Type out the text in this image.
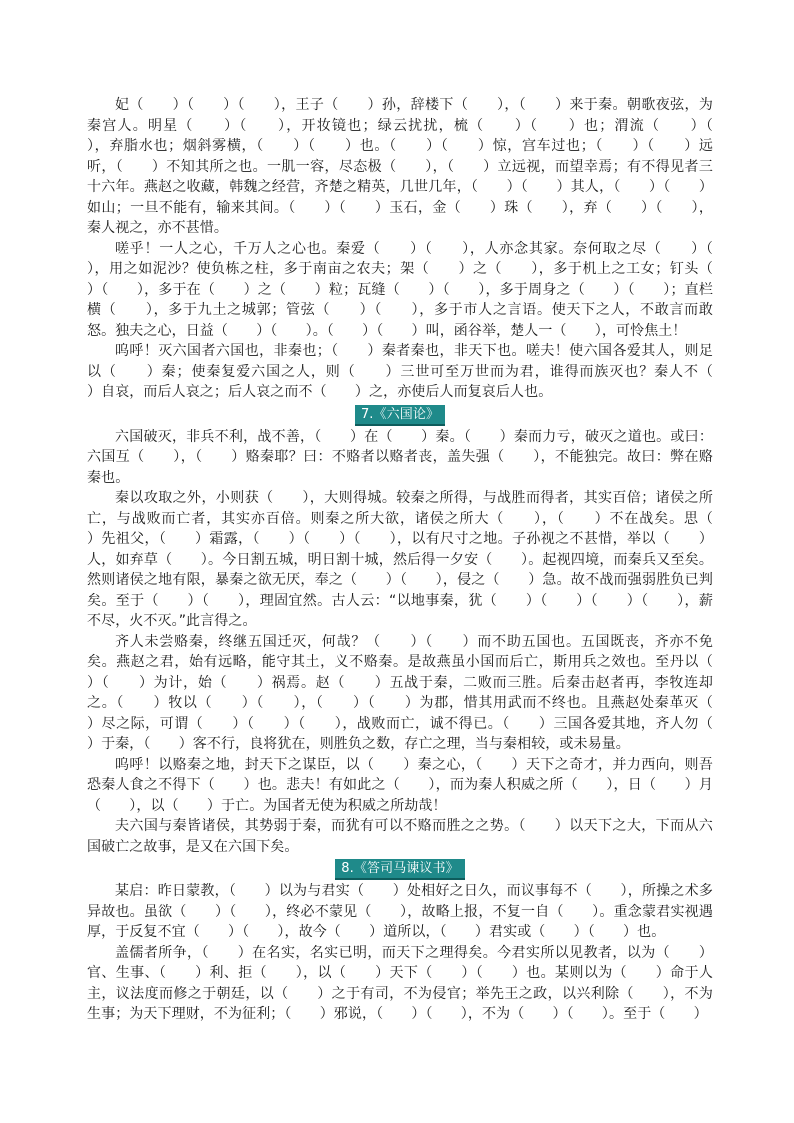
妃（　　）（　　）（　　），王子（　　）孙，辞楼下（　　），（　　）来于秦。朝歌夜弦，为秦宫人。明星（　　）（　　），开妆镜也；绿云扰扰，梳（　　）（　　）也；渭流（　　）（　　），弃脂水也；烟斜雾横，（　　）（　　）也。（　　）（　　）惊，宫车过也；（　　）（　　）远听，（　　）不知其所之也。一肌一容，尽态极（　　），（　　）立远视，而望幸焉；有不得见者三十六年。燕赵之收藏，韩魏之经营，齐楚之精英，几世几年，（　　）（　　）其人，（　　）（　　）如山；一旦不能有，输来其间。（　　）（　　）玉石，金（　　）珠（　　），弃（　　）（　　），秦人视之，亦不甚惜。

嗟乎！一人之心，千万人之心也。秦爱（　　）（　　），人亦念其家。奈何取之尽（　　）（　　），用之如泥沙？使负栋之柱，多于南亩之农夫；架（　　）之（　　），多于机上之工女；钉头（　　）（　　），多于在（　　）之（　　）粒；瓦缝（　　）（　　），多于周身之（　　）（　　）；直栏横（　　），多于九土之城郭；管弦（　　）（　　），多于市人之言语。使天下之人，不敢言而敢怒。独夫之心，日益（　　）（　　）。（　　）（　　）叫，函谷举，楚人一（　　），可怜焦土！

呜呼！灭六国者六国也，非秦也；（　　）秦者秦也，非天下也。嗟夫！使六国各爱其人，则足以（　　）秦；使秦复爱六国之人，则（　　）三世可至万世而为君，谁得而族灭也？秦人不（　　）自哀，而后人哀之；后人哀之而不（　　）之，亦使后人而复哀后人也。

7.《六国论》

六国破灭，非兵不利，战不善，（　　）在（　　）秦。（　　）秦而力亏，破灭之道也。或曰：六国互（　　），（　　）赂秦耶？曰：不赂者以赂者丧，盖失强（　　），不能独完。故曰：弊在赂秦也。

秦以攻取之外，小则获（　　），大则得城。较秦之所得，与战胜而得者，其实百倍；诸侯之所亡，与战败而亡者，其实亦百倍。则秦之所大欲，诸侯之所大（　　），（　　）不在战矣。思（　　）先祖父，（　　）霜露，（　　）（　　）（　　），以有尺寸之地。子孙视之不甚惜，举以（　　）人，如弃草（　　）。今日割五城，明日割十城，然后得一夕安（　　）。起视四境，而秦兵又至矣。然则诸侯之地有限，暴秦之欲无厌，奉之（　　）（　　），侵之（　　）急。故不战而强弱胜负已判矣。至于（　　）（　　），理固宜然。古人云：“以地事秦，犹（　　）（　　）（　　）（　　），薪不尽，火不灭。”此言得之。

齐人未尝赂秦，终继五国迁灭，何哉？（　　）（　　）而不助五国也。五国既丧，齐亦不免矣。燕赵之君，始有远略，能守其土，义不赂秦。是故燕虽小国而后亡，斯用兵之效也。至丹以（　　）（　　）为计，始（　　）祸焉。赵（　　）五战于秦，二败而三胜。后秦击赵者再，李牧连却之。（　　）牧以（　　）（　　），（　　）（　　）为郡，惜其用武而不终也。且燕赵处秦革灭（　　）尽之际，可谓（　　）（　　）（　　），战败而亡，诚不得已。（　　）三国各爱其地，齐人勿（　　）于秦，（　　）客不行，良将犹在，则胜负之数，存亡之理，当与秦相较，或未易量。

呜呼！以赂秦之地，封天下之谋臣，以（　　）秦之心，（　　）天下之奇才，并力西向，则吾恐秦人食之不得下（　　）也。悲夫！有如此之（　　），而为秦人积威之所（　　），日（　　）月（　　），以（　　）于亡。为国者无使为积威之所劫哉！

夫六国与秦皆诸侯，其势弱于秦，而犹有可以不赂而胜之之势。（　　）以天下之大，下而从六国破亡之故事，是又在六国下矣。

8.《答司马谏议书》

某启：昨日蒙教，（　　）以为与君实（　　）处相好之日久，而议事每不（　　），所操之术多异故也。虽欲（　　）（　　），终必不蒙见（　　），故略上报，不复一自（　　）。重念蒙君实视遇厚，于反复不宜（　　）（　　），故今（　　）道所以，（　　）君实或（　　）（　　）也。

盖儒者所争，（　　）在名实，名实已明，而天下之理得矣。今君实所以见教者，以为（　　）官、生事、（　　）利、拒（　　），以（　　）天下（　　）（　　）也。某则以为（　　）命于人主，议法度而修之于朝廷，以（　　）之于有司，不为侵官；举先王之政，以兴利除（　　），不为生事；为天下理财，不为征利；（　　）邪说，（　　）（　　），不为（　　）（　　）。至于（　　）
